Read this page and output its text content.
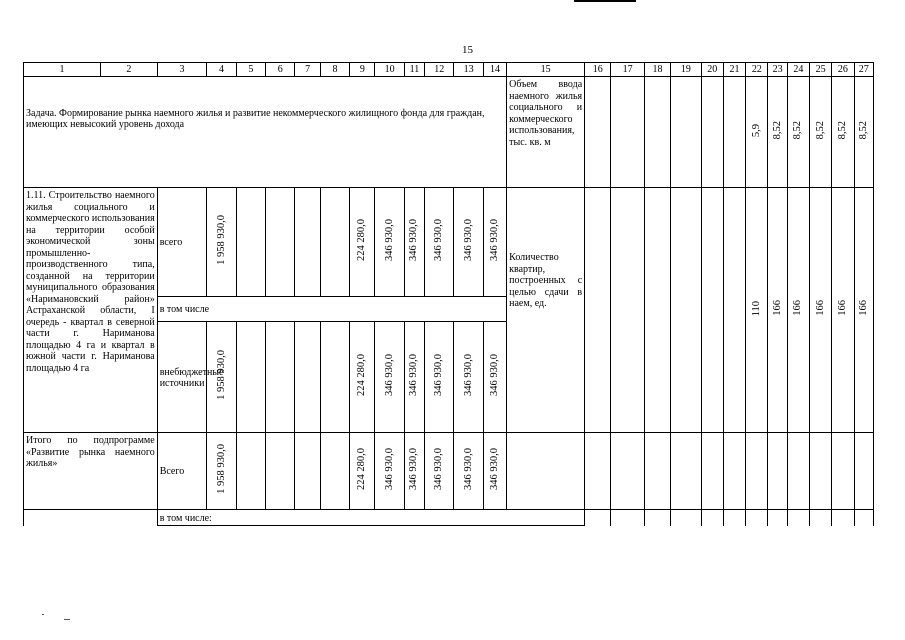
15
1	2	3	4	5	6	7	8	9	10	11	12	13	14	15	16	17	18	19	20	21	22	23	24	25	26	27

Задача. Формирование рынка наемного жилья и развитие некоммерческого жилищного фонда для граждан, имеющих невысокий уровень дохода														Объем ввода наемного жилья социального и коммерческого использования, тыс. кв. м							5,9	8,52	8,52	8,52	8,52	8,52

1.11. Строительство наемного жилья социального и коммерческого использования на территории особой экономической зоны промышленно-производственного типа, созданной на территории муниципального образования «Наримановский район» Астраханской области, I очередь - квартал в северной части г. Нариманова площадью 4 га и квартал в южной части г. Нариманова площадью 4 га		всего	1 958 930,0					224 280,0	346 930,0	346 930,0	346 930,0	346 930,0	346 930,0	Количество квартир, построенных с целью сдачи в наем, ед.							110	166	166	166	166	166

		в том числе																								

		внебюджетные источники	1 958 930,0					224 280,0	346 930,0	346 930,0	346 930,0	346 930,0	346 930,0													

Итого по подпрограмме «Развитие рынка наемного жилья»		Всего	1 958 930,0					224 280,0	346 930,0	346 930,0	346 930,0	346 930,0	346 930,0													

		в том числе:																								
